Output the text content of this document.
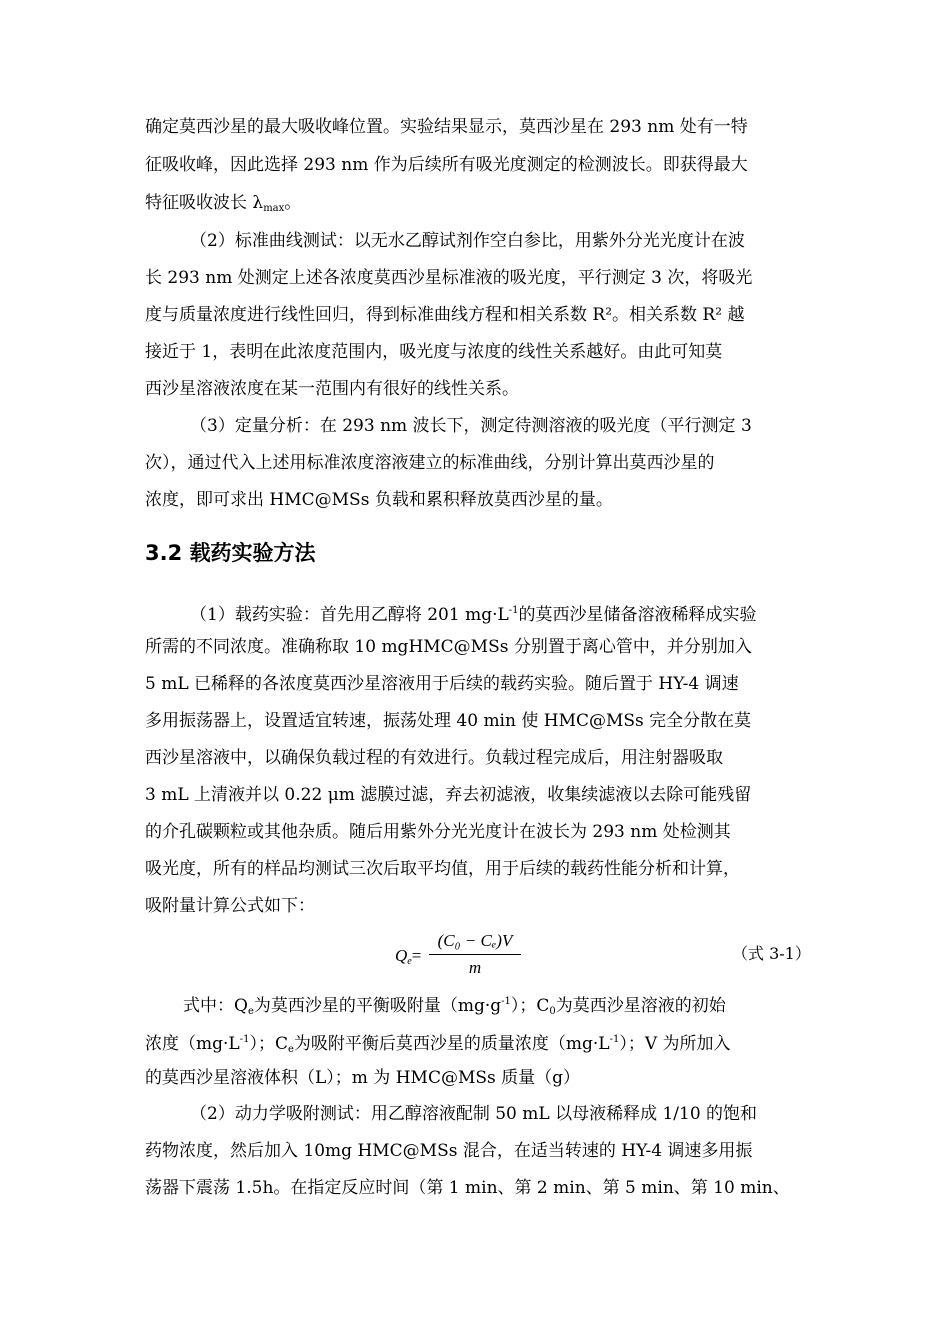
确定莫西沙星的最大吸收峰位置。实验结果显示，莫西沙星在 293 nm 处有一特
征吸收峰，因此选择 293 nm 作为后续所有吸光度测定的检测波长。即获得最大
特征吸收波长 $\lambda_{max}$。
（2）标准曲线测试：以无水乙醇试剂作空白参比，用紫外分光光度计在波
长 293 nm 处测定上述各浓度莫西沙星标准液的吸光度，平行测定 3 次，将吸光
度与质量浓度进行线性回归，得到标准曲线方程和相关系数 R²。相关系数 R² 越
接近于 1，表明在此浓度范围内，吸光度与浓度的线性关系越好。由此可知莫
西沙星溶液浓度在某一范围内有很好的线性关系。
（3）定量分析：在 293 nm 波长下，测定待测溶液的吸光度（平行测定 3
次），通过代入上述用标准浓度溶液建立的标准曲线，分别计算出莫西沙星的
浓度，即可求出 HMC@MSs 负载和累积释放莫西沙星的量。
3.2 载药实验方法
（1）载药实验：首先用乙醇将 201 $mg\cdot L^{-1}$的莫西沙星储备溶液稀释成实验
所需的不同浓度。准确称取 10 mgHMC@MSs 分别置于离心管中，并分别加入
5 mL 已稀释的各浓度莫西沙星溶液用于后续的载药实验。随后置于 HY-4 调速
多用振荡器上，设置适宜转速，振荡处理 40 min 使 HMC@MSs 完全分散在莫
西沙星溶液中，以确保负载过程的有效进行。负载过程完成后，用注射器吸取
3 mL 上清液并以 0.22 μm 滤膜过滤，弃去初滤液，收集续滤液以去除可能残留
的介孔碳颗粒或其他杂质。随后用紫外分光光度计在波长为 293 nm 处检测其
吸光度，所有的样品均测试三次后取平均值，用于后续的载药性能分析和计算，
吸附量计算公式如下：
$Q_e=$
(C₀ − Cₑ)V
m
（式 3-1）
式中：$Q_e$为莫西沙星的平衡吸附量$(mg\cdot g^{-1})$；$C_0$为莫西沙星溶液的初始
浓度$(mg\cdot L^{-1})$；$C_e$为吸附平衡后莫西沙星的质量浓度$(mg\cdot L^{-1})$；V 为所加入
的莫西沙星溶液体积（L）；m 为 HMC@MSs 质量（g）
（2）动力学吸附测试：用乙醇溶液配制 50 mL 以母液稀释成 1/10 的饱和
药物浓度，然后加入 10mg HMC@MSs 混合，在适当转速的 HY-4 调速多用振
荡器下震荡 1.5h。在指定反应时间（第 1 min、第 2 min、第 5 min、第 10 min、
